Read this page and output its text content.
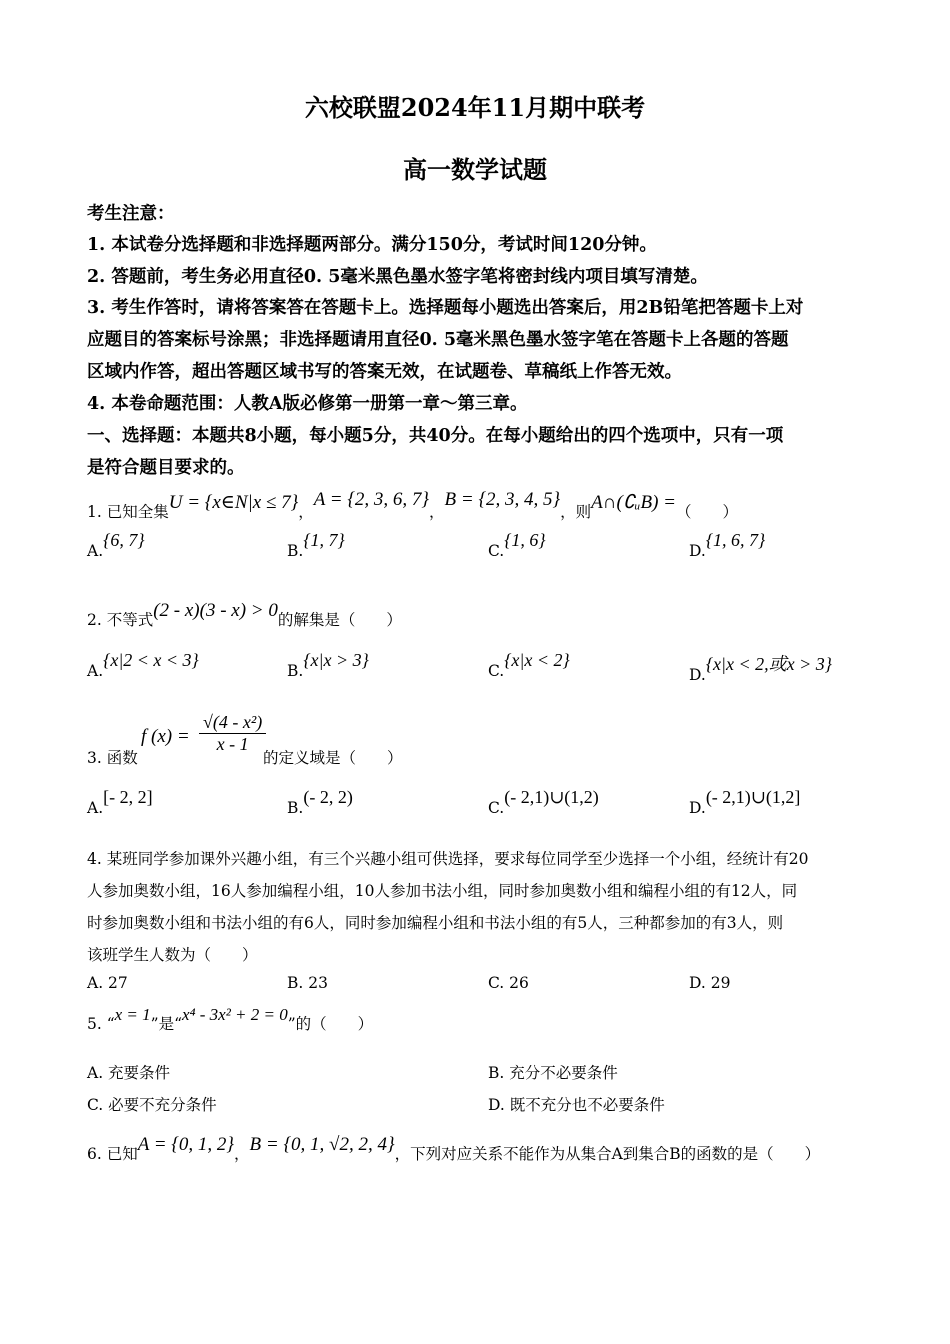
六校联盟2024年11月期中联考
高一数学试题
考生注意：
1. 本试卷分选择题和非选择题两部分。满分150分，考试时间120分钟。
2. 答题前，考生务必用直径0. 5毫米黑色墨水签字笔将密封线内项目填写清楚。
3. 考生作答时，请将答案答在答题卡上。选择题每小题选出答案后，用2B铅笔把答题卡上对
应题目的答案标号涂黑；非选择题请用直径0. 5毫米黑色墨水签字笔在答题卡上各题的答题
区域内作答，超出答题区域书写的答案无效，在试题卷、草稿纸上作答无效。
4. 本卷命题范围：人教A版必修第一册第一章～第三章。
一、选择题：本题共8小题，每小题5分，共40分。在每小题给出的四个选项中，只有一项
是符合题目要求的。
1. 已知全集U = {x∈N|x ≤ 7}，A = {2, 3, 6, 7}，B = {2, 3, 4, 5}，则A∩(∁ᵤB) =（　　）
A.{6, 7}
B.{1, 7}
C.{1, 6}
D.{1, 6, 7}
2. 不等式(2 - x)(3 - x) > 0的解集是（　　）
A.{x|2 < x < 3}
B.{x|x > 3}
C.{x|x < 2}
D.{x|x < 2,或x > 3}
3. 函数
f $(x) = \frac{\text{√(4 - x²)}}{x - 1}$
的定义域是（　　）
A.[- 2, 2]
B.(- 2, 2)
C.(- 2,1)∪(1,2)
D.(- 2,1)∪(1,2]
4. 某班同学参加课外兴趣小组，有三个兴趣小组可供选择，要求每位同学至少选择一个小组，经统计有20
人参加奥数小组，16人参加编程小组，10人参加书法小组，同时参加奥数小组和编程小组的有12人，同
时参加奥数小组和书法小组的有6人，同时参加编程小组和书法小组的有5人，三种都参加的有3人，则
该班学生人数为（　　）
A. 27	B. 23	C. 26	D. 29
5. “x = 1”是“x⁴ - 3x² + 2 = 0”的（　　）
A. 充要条件	B. 充分不必要条件
C. 必要不充分条件	D. 既不充分也不必要条件
6. 已知A = {0, 1, 2}，B = {0, 1, √2, 2, 4}，下列对应关系不能作为从集合A到集合B的函数的是（　　）
